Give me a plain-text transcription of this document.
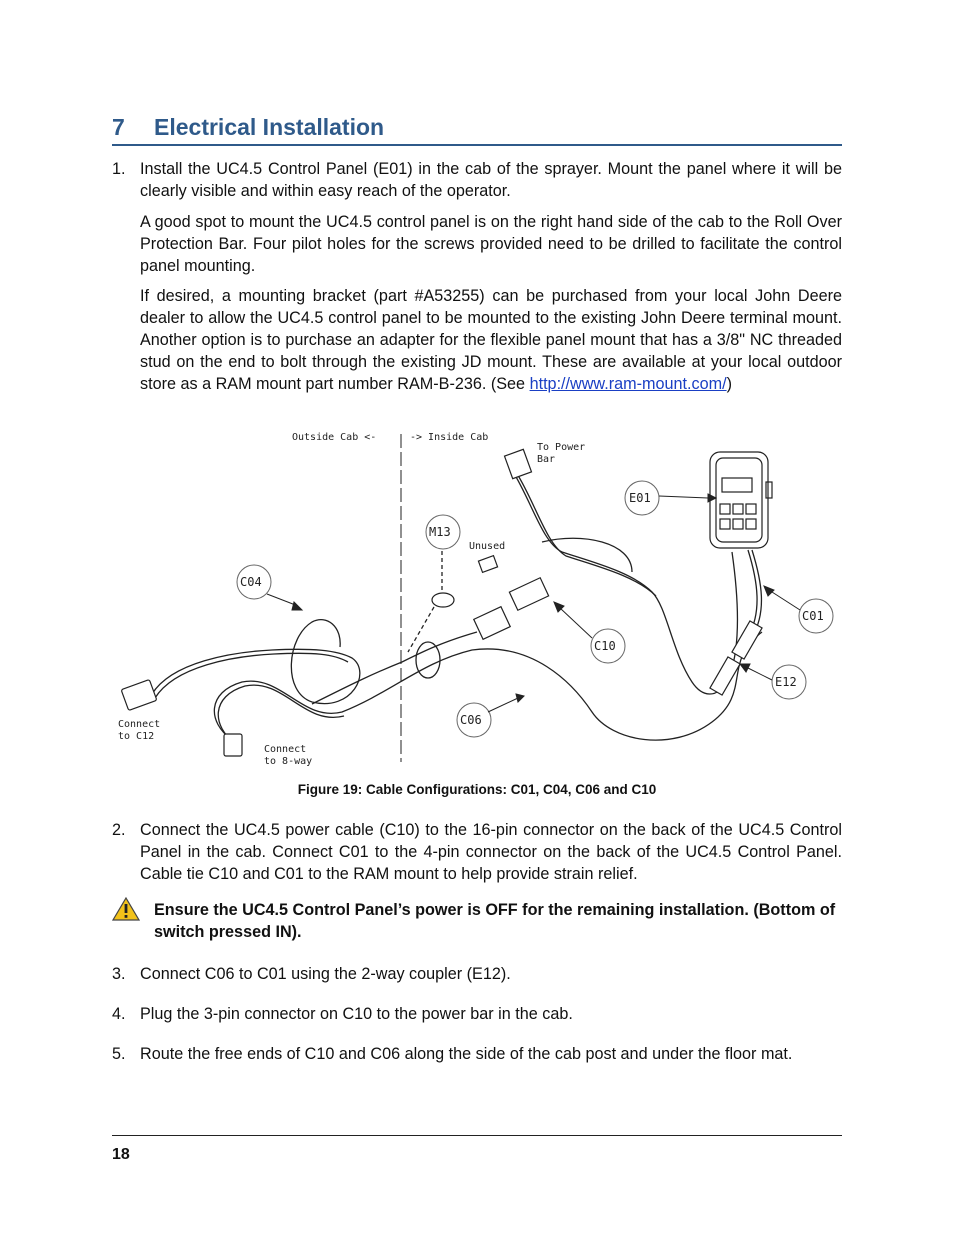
7 Electrical Installation
1. Install the UC4.5 Control Panel (E01) in the cab of the sprayer. Mount the panel where it will be clearly visible and within easy reach of the operator.
A good spot to mount the UC4.5 control panel is on the right hand side of the cab to the Roll Over Protection Bar. Four pilot holes for the screws provided need to be drilled to facilitate the control panel mounting.
If desired, a mounting bracket (part #A53255) can be purchased from your local John Deere dealer to allow the UC4.5 control panel to be mounted to the existing John Deere terminal mount. Another option is to purchase an adapter for the flexible panel mount that has a 3/8" NC threaded stud on the end to bolt through the existing JD mount. These are available at your local outdoor store as a RAM mount part number RAM-B-236. (See http://www.ram-mount.com/)
Outside Cab <-	-> Inside Cab
To Power
Bar
Unused
Connect
to C12
Connect
to 8-way
E01
M13
C04
C10
C01
E12
C06
Figure 19: Cable Configurations: C01, C04, C06 and C10
2. Connect the UC4.5 power cable (C10) to the 16-pin connector on the back of the UC4.5 Control Panel in the cab. Connect C01 to the 4-pin connector on the back of the UC4.5 Control Panel. Cable tie C10 and C01 to the RAM mount to help provide strain relief.
Ensure the UC4.5 Control Panel’s power is OFF for the remaining installation. (Bottom of switch pressed IN).
3. Connect C06 to C01 using the 2-way coupler (E12).
4. Plug the 3-pin connector on C10 to the power bar in the cab.
5. Route the free ends of C10 and C06 along the side of the cab post and under the floor mat.
18
